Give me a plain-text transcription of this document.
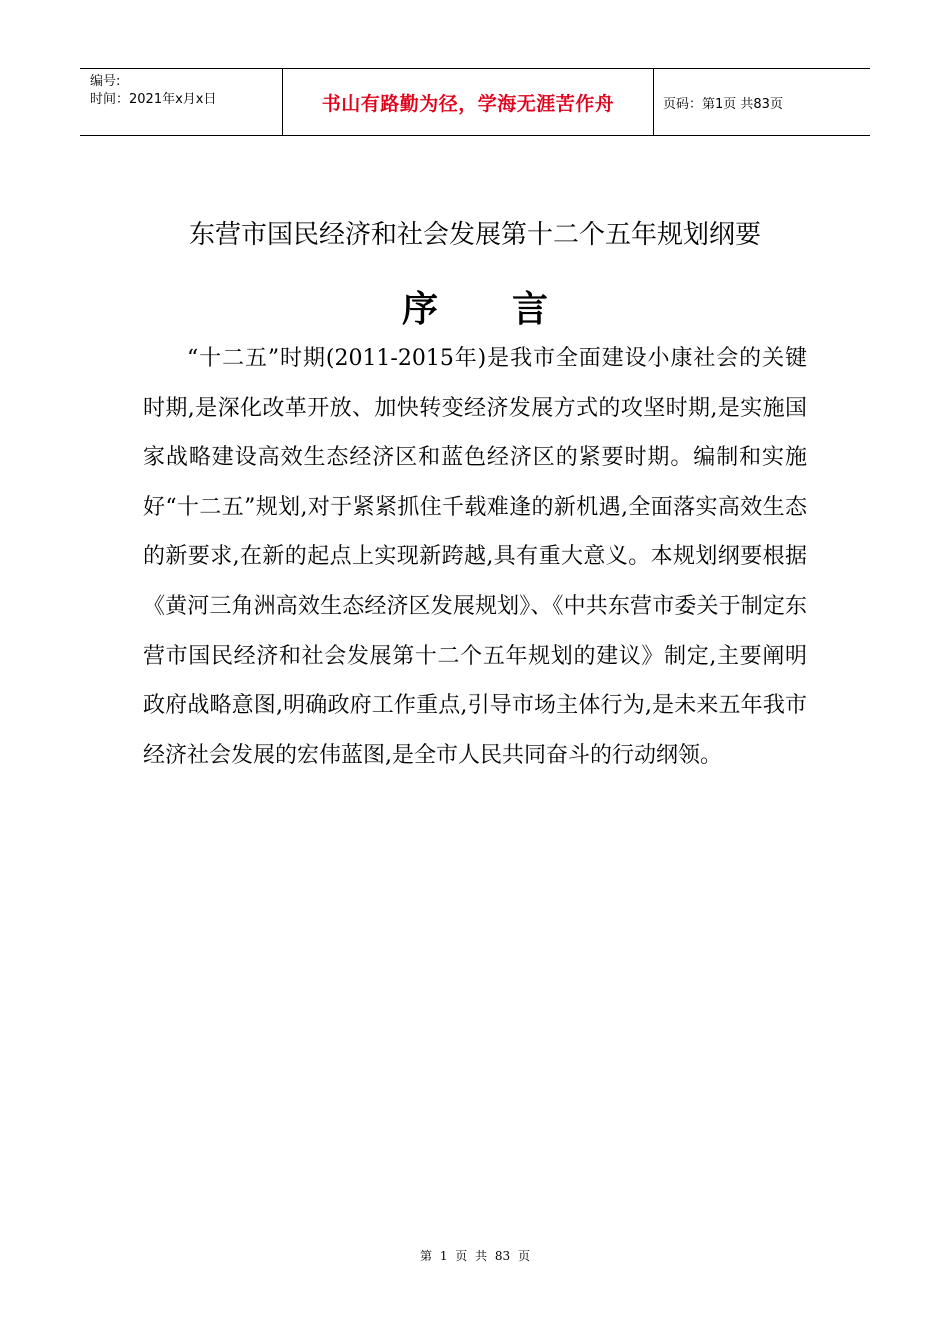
编号:
时间：2021年x月x日	书山有路勤为径，学海无涯苦作舟	页码：第1页 共83页
东营市国民经济和社会发展第十二个五年规划纲要
序言

“十二五”时期(2011-2015年)是我市全面建设小康社会的关键时期,是深化改革开放、加快转变经济发展方式的攻坚时期,是实施国家战略建设高效生态经济区和蓝色经济区的紧要时期。编制和实施好“十二五”规划,对于紧紧抓住千载难逢的新机遇,全面落实高效生态的新要求,在新的起点上实现新跨越,具有重大意义。本规划纲要根据《黄河三角洲高效生态经济区发展规划》、《中共东营市委关于制定东营市国民经济和社会发展第十二个五年规划的建议》制定,主要阐明政府战略意图,明确政府工作重点,引导市场主体行为,是未来五年我市经济社会发展的宏伟蓝图,是全市人民共同奋斗的行动纲领。

第 1 页 共 83 页
